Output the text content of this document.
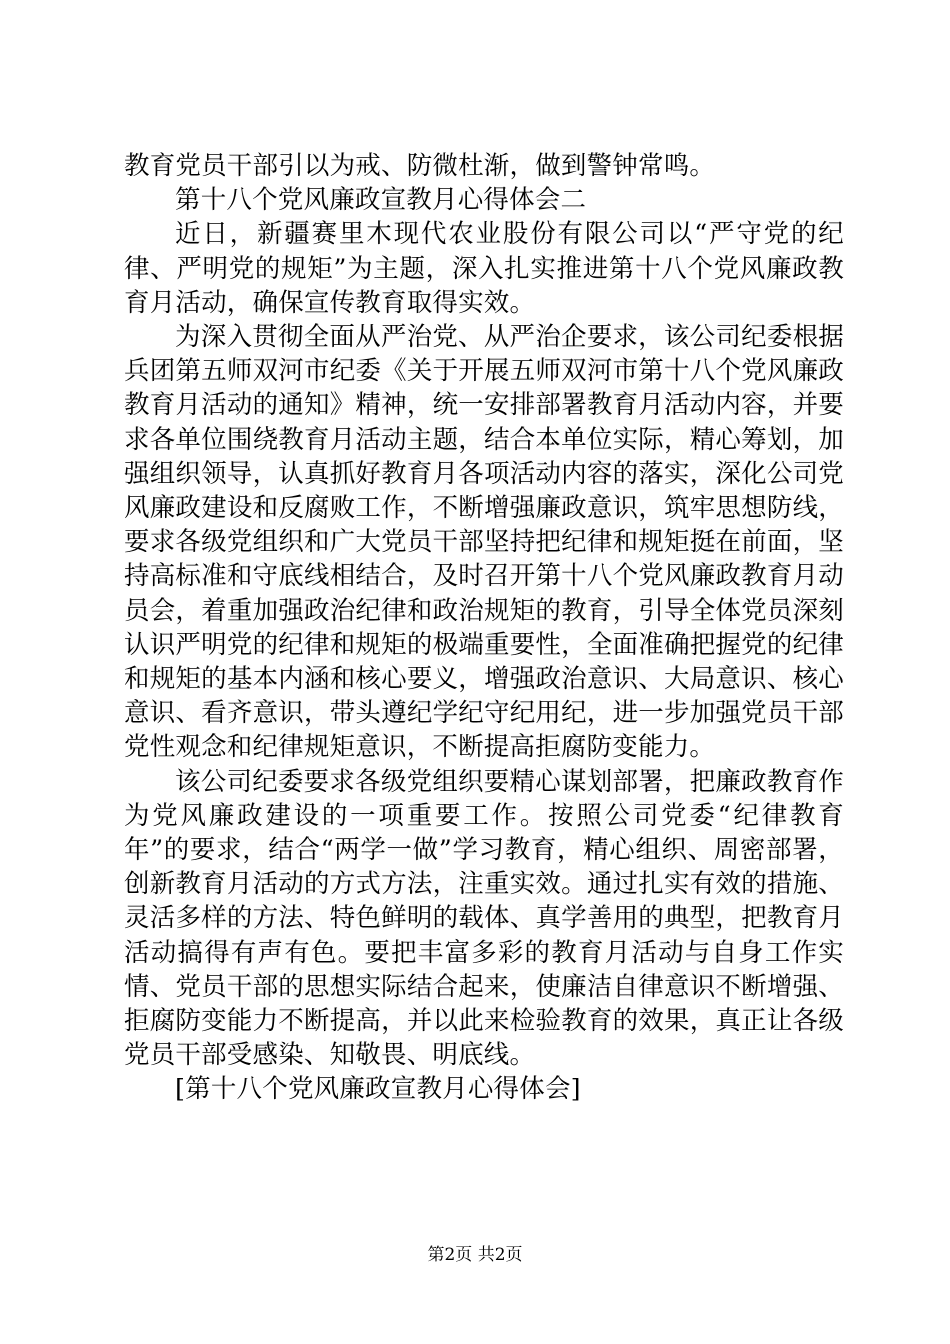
教育党员干部引以为戒、防微杜渐，做到警钟常鸣。

第十八个党风廉政宣教月心得体会二

近日，新疆赛里木现代农业股份有限公司以“严守党的纪律、严明党的规矩”为主题，深入扎实推进第十八个党风廉政教育月活动，确保宣传教育取得实效。

为深入贯彻全面从严治党、从严治企要求，该公司纪委根据兵团第五师双河市纪委《关于开展五师双河市第十八个党风廉政教育月活动的通知》精神，统一安排部署教育月活动内容，并要求各单位围绕教育月活动主题，结合本单位实际，精心筹划，加强组织领导，认真抓好教育月各项活动内容的落实，深化公司党风廉政建设和反腐败工作，不断增强廉政意识，筑牢思想防线，要求各级党组织和广大党员干部坚持把纪律和规矩挺在前面，坚持高标准和守底线相结合，及时召开第十八个党风廉政教育月动员会，着重加强政治纪律和政治规矩的教育，引导全体党员深刻认识严明党的纪律和规矩的极端重要性，全面准确把握党的纪律和规矩的基本内涵和核心要义，增强政治意识、大局意识、核心意识、看齐意识，带头遵纪学纪守纪用纪，进一步加强党员干部党性观念和纪律规矩意识，不断提高拒腐防变能力。

该公司纪委要求各级党组织要精心谋划部署，把廉政教育作为党风廉政建设的一项重要工作。按照公司党委“纪律教育年”的要求，结合“两学一做”学习教育，精心组织、周密部署，创新教育月活动的方式方法，注重实效。通过扎实有效的措施、灵活多样的方法、特色鲜明的载体、真学善用的典型，把教育月活动搞得有声有色。要把丰富多彩的教育月活动与自身工作实情、党员干部的思想实际结合起来，使廉洁自律意识不断增强、拒腐防变能力不断提高，并以此来检验教育的效果，真正让各级党员干部受感染、知敬畏、明底线。

[第十八个党风廉政宣教月心得体会]

第2页 共2页
